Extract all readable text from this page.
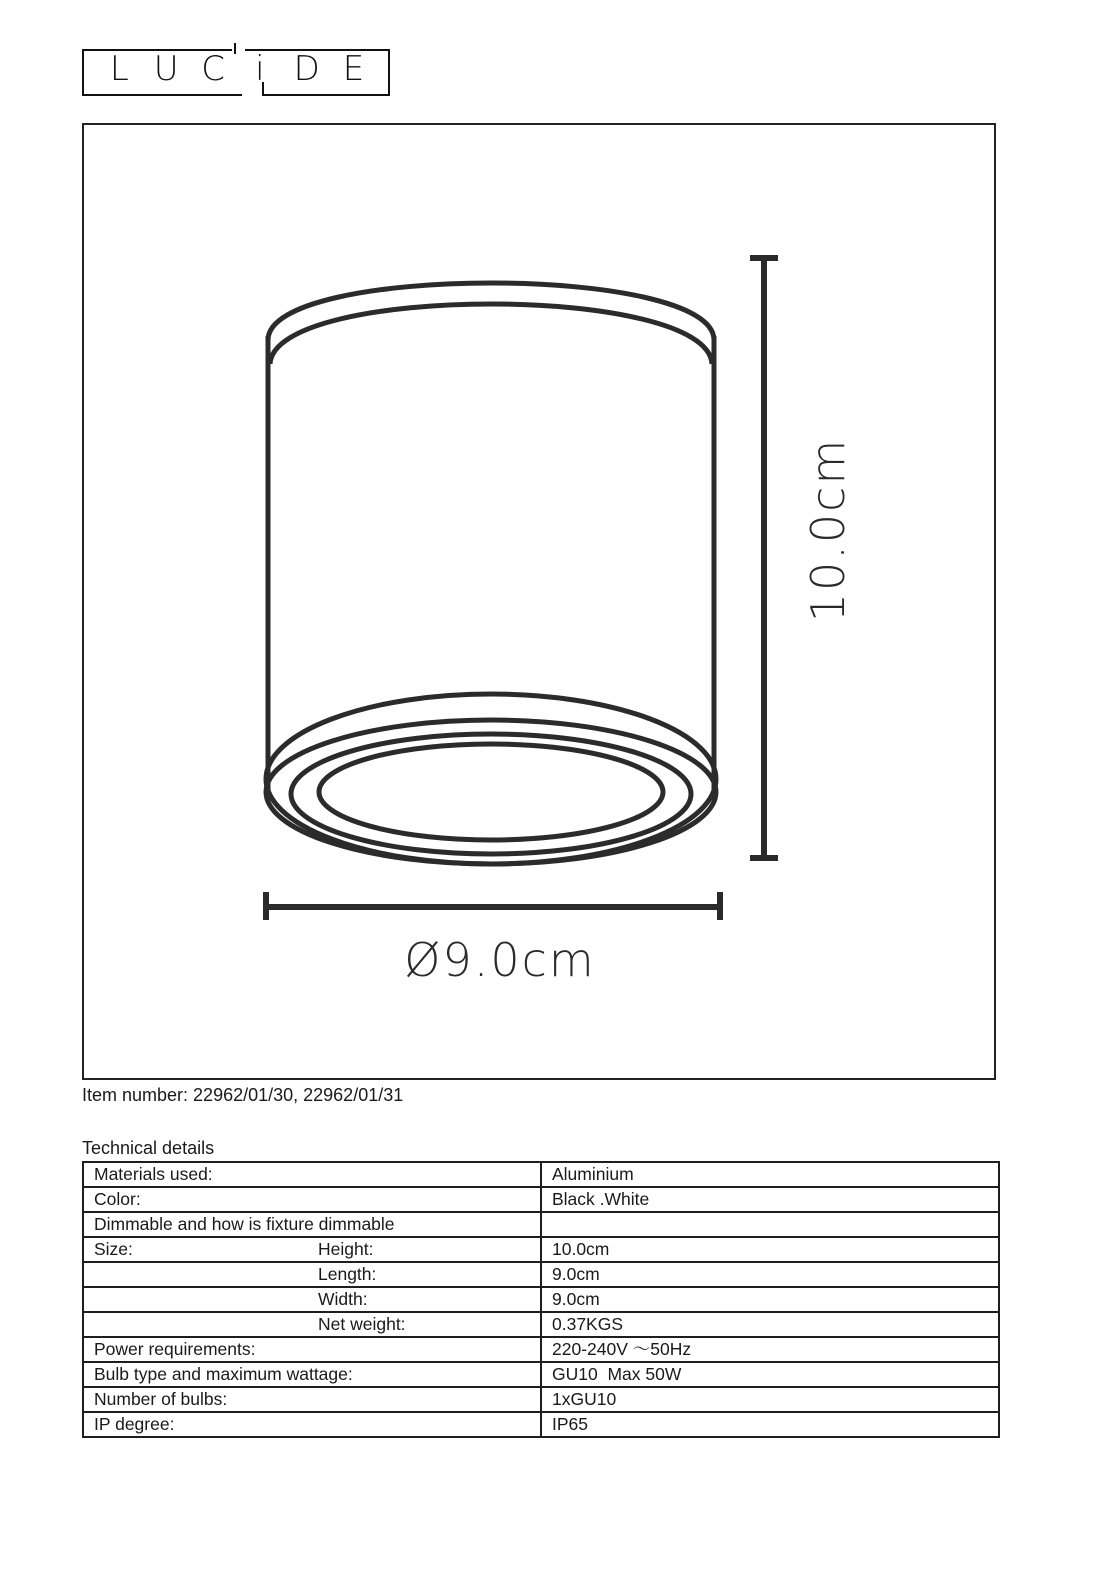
L U C i D E
Ø9.0cm
10.0cm
Item number: 22962/01/30, 22962/01/31
Technical details
Materials used:	Aluminium

Color:	Black .White

Dimmable and how is fixture dimmable	

Size: Height:	10.0cm

Length:	9.0cm

Width:	9.0cm

Net weight:	0.37KGS

Power requirements:	220-240V ～50Hz

Bulb type and maximum wattage:	GU10  Max 50W

Number of bulbs:	1xGU10

IP degree:	IP65
